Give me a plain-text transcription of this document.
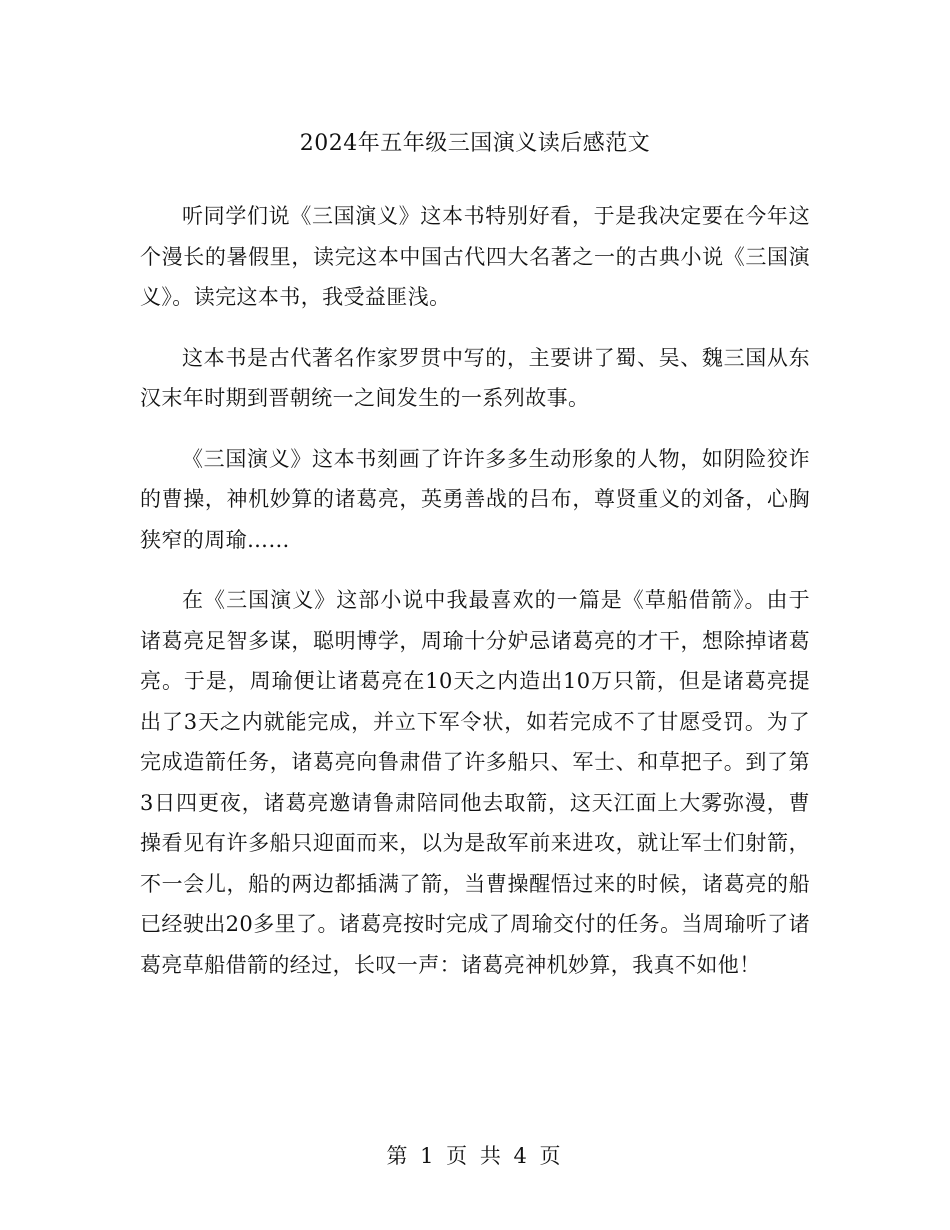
2024年五年级三国演义读后感范文

听同学们说《三国演义》这本书特别好看，于是我决定要在今年这个漫长的暑假里，读完这本中国古代四大名著之一的古典小说《三国演义》。读完这本书，我受益匪浅。

这本书是古代著名作家罗贯中写的，主要讲了蜀、吴、魏三国从东汉末年时期到晋朝统一之间发生的一系列故事。

《三国演义》这本书刻画了许许多多生动形象的人物，如阴险狡诈的曹操，神机妙算的诸葛亮，英勇善战的吕布，尊贤重义的刘备，心胸狭窄的周瑜……

在《三国演义》这部小说中我最喜欢的一篇是《草船借箭》。由于诸葛亮足智多谋，聪明博学，周瑜十分妒忌诸葛亮的才干，想除掉诸葛亮。于是，周瑜便让诸葛亮在10天之内造出10万只箭，但是诸葛亮提出了3天之内就能完成，并立下军令状，如若完成不了甘愿受罚。为了完成造箭任务，诸葛亮向鲁肃借了许多船只、军士、和草把子。到了第3日四更夜，诸葛亮邀请鲁肃陪同他去取箭，这天江面上大雾弥漫，曹操看见有许多船只迎面而来，以为是敌军前来进攻，就让军士们射箭，不一会儿，船的两边都插满了箭，当曹操醒悟过来的时候，诸葛亮的船已经驶出20多里了。诸葛亮按时完成了周瑜交付的任务。当周瑜听了诸葛亮草船借箭的经过，长叹一声：诸葛亮神机妙算，我真不如他！

第 1 页 共 4 页
